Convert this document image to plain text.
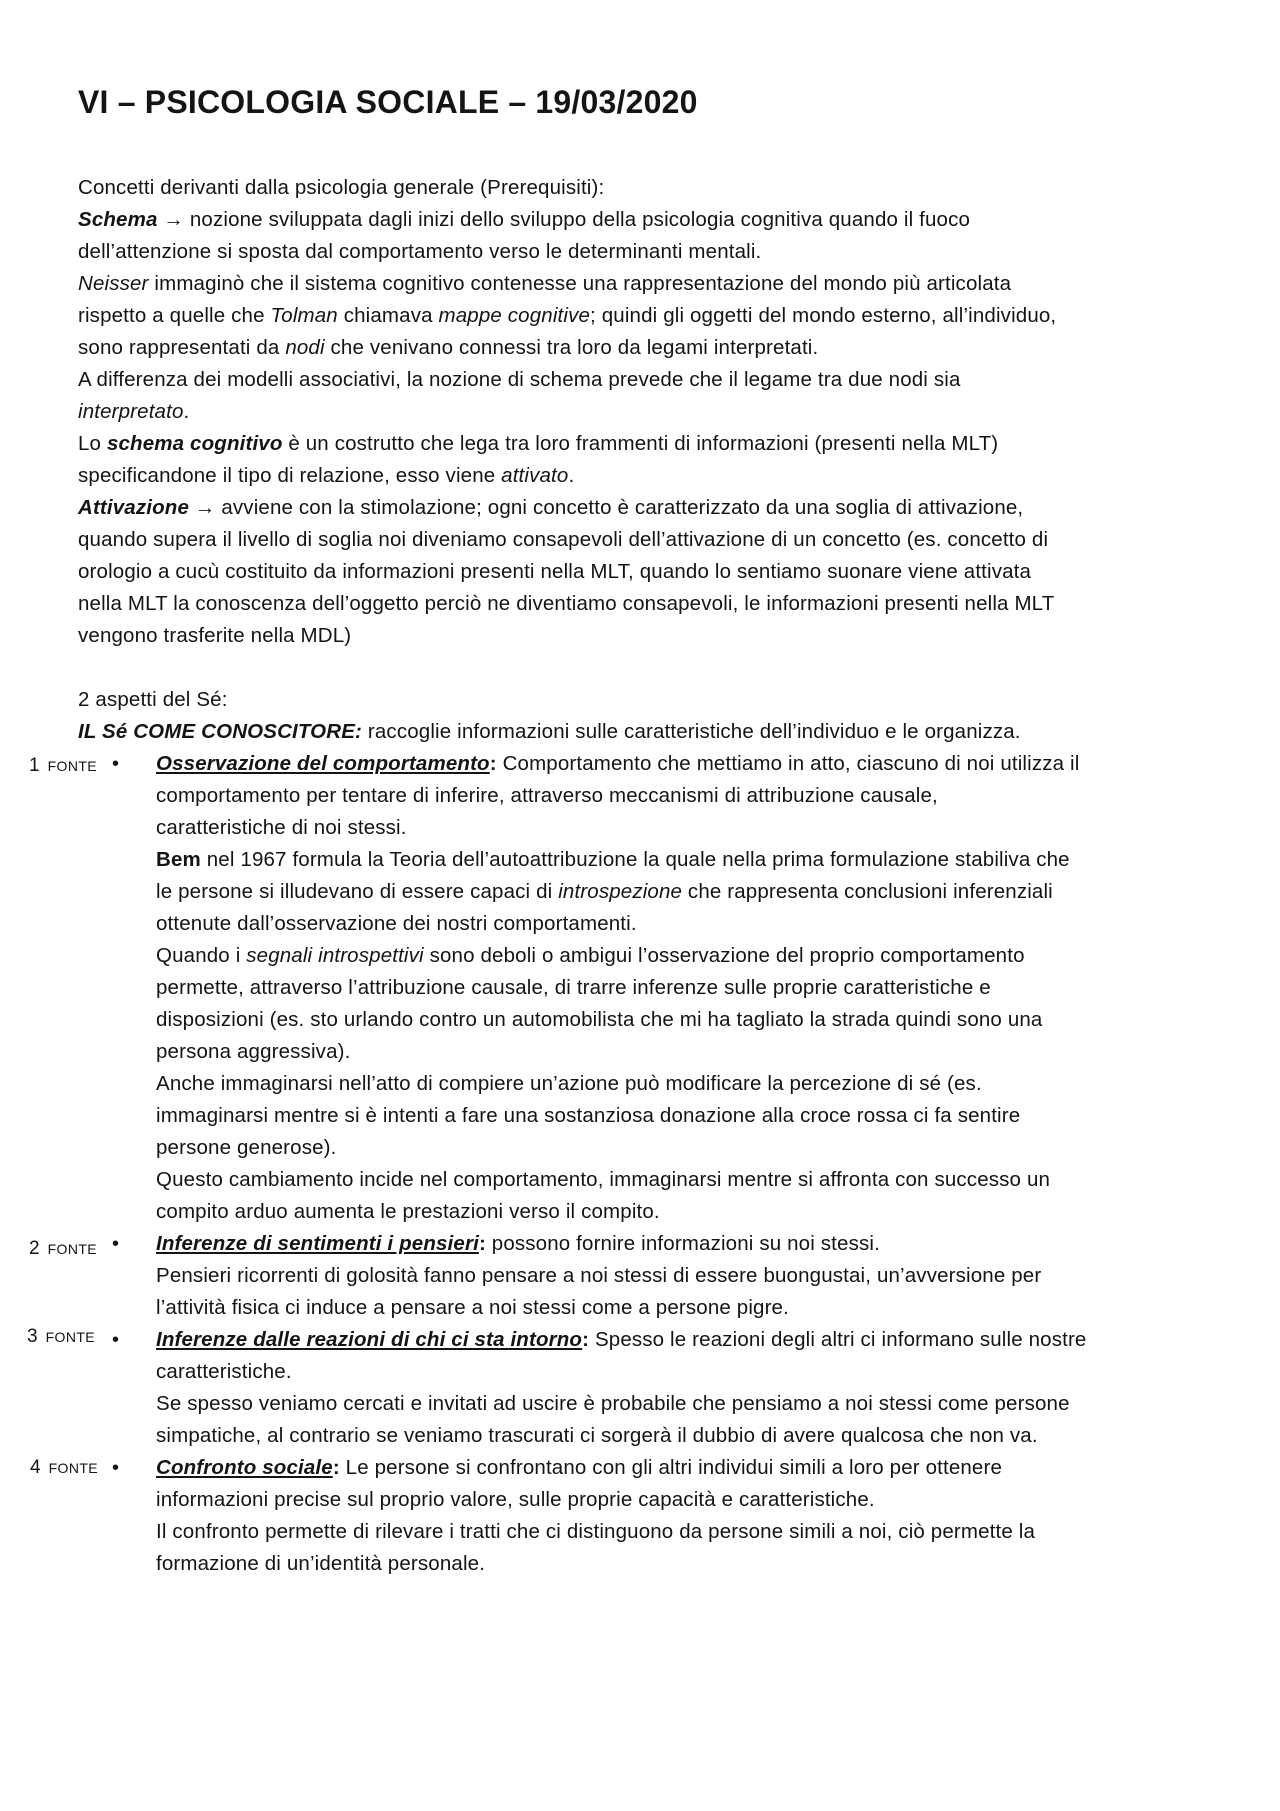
VI – PSICOLOGIA SOCIALE – 19/03/2020

Concetti derivanti dalla psicologia generale (Prerequisiti):

Schema → nozione sviluppata dagli inizi dello sviluppo della psicologia cognitiva quando il fuoco

dell’attenzione si sposta dal comportamento verso le determinanti mentali.

Neisser immaginò che il sistema cognitivo contenesse una rappresentazione del mondo più articolata

rispetto a quelle che Tolman chiamava mappe cognitive; quindi gli oggetti del mondo esterno, all’individuo,

sono rappresentati da nodi che venivano connessi tra loro da legami interpretati.

A differenza dei modelli associativi, la nozione di schema prevede che il legame tra due nodi sia

interpretato.

Lo schema cognitivo è un costrutto che lega tra loro frammenti di informazioni (presenti nella MLT)

specificandone il tipo di relazione, esso viene attivato.

Attivazione → avviene con la stimolazione; ogni concetto è caratterizzato da una soglia di attivazione,

quando supera il livello di soglia noi diveniamo consapevoli dell’attivazione di un concetto (es. concetto di

orologio a cucù costituito da informazioni presenti nella MLT, quando lo sentiamo suonare viene attivata

nella MLT la conoscenza dell’oggetto perciò ne diventiamo consapevoli, le informazioni presenti nella MLT

vengono trasferite nella MDL)

2 aspetti del Sé:

IL Sé COME CONOSCITORE: raccoglie informazioni sulle caratteristiche dell’individuo e le organizza.

1 FONTE • Osservazione del comportamento: Comportamento che mettiamo in atto, ciascuno di noi utilizza il

comportamento per tentare di inferire, attraverso meccanismi di attribuzione causale,

caratteristiche di noi stessi.

Bem nel 1967 formula la Teoria dell’autoattribuzione la quale nella prima formulazione stabiliva che

le persone si illudevano di essere capaci di introspezione che rappresenta conclusioni inferenziali

ottenute dall’osservazione dei nostri comportamenti.

Quando i segnali introspettivi sono deboli o ambigui l’osservazione del proprio comportamento

permette, attraverso l’attribuzione causale, di trarre inferenze sulle proprie caratteristiche e

disposizioni (es. sto urlando contro un automobilista che mi ha tagliato la strada quindi sono una

persona aggressiva).

Anche immaginarsi nell’atto di compiere un’azione può modificare la percezione di sé (es.

immaginarsi mentre si è intenti a fare una sostanziosa donazione alla croce rossa ci fa sentire

persone generose).

Questo cambiamento incide nel comportamento, immaginarsi mentre si affronta con successo un

compito arduo aumenta le prestazioni verso il compito.

2 FONTE • Inferenze di sentimenti i pensieri: possono fornire informazioni su noi stessi.

Pensieri ricorrenti di golosità fanno pensare a noi stessi di essere buongustai, un’avversione per

l’attività fisica ci induce a pensare a noi stessi come a persone pigre.

3 FONTE • Inferenze dalle reazioni di chi ci sta intorno: Spesso le reazioni degli altri ci informano sulle nostre

caratteristiche.

Se spesso veniamo cercati e invitati ad uscire è probabile che pensiamo a noi stessi come persone

simpatiche, al contrario se veniamo trascurati ci sorgerà il dubbio di avere qualcosa che non va.

4 FONTE • Confronto sociale: Le persone si confrontano con gli altri individui simili a loro per ottenere

informazioni precise sul proprio valore, sulle proprie capacità e caratteristiche.

Il confronto permette di rilevare i tratti che ci distinguono da persone simili a noi, ciò permette la

formazione di un’identità personale.
